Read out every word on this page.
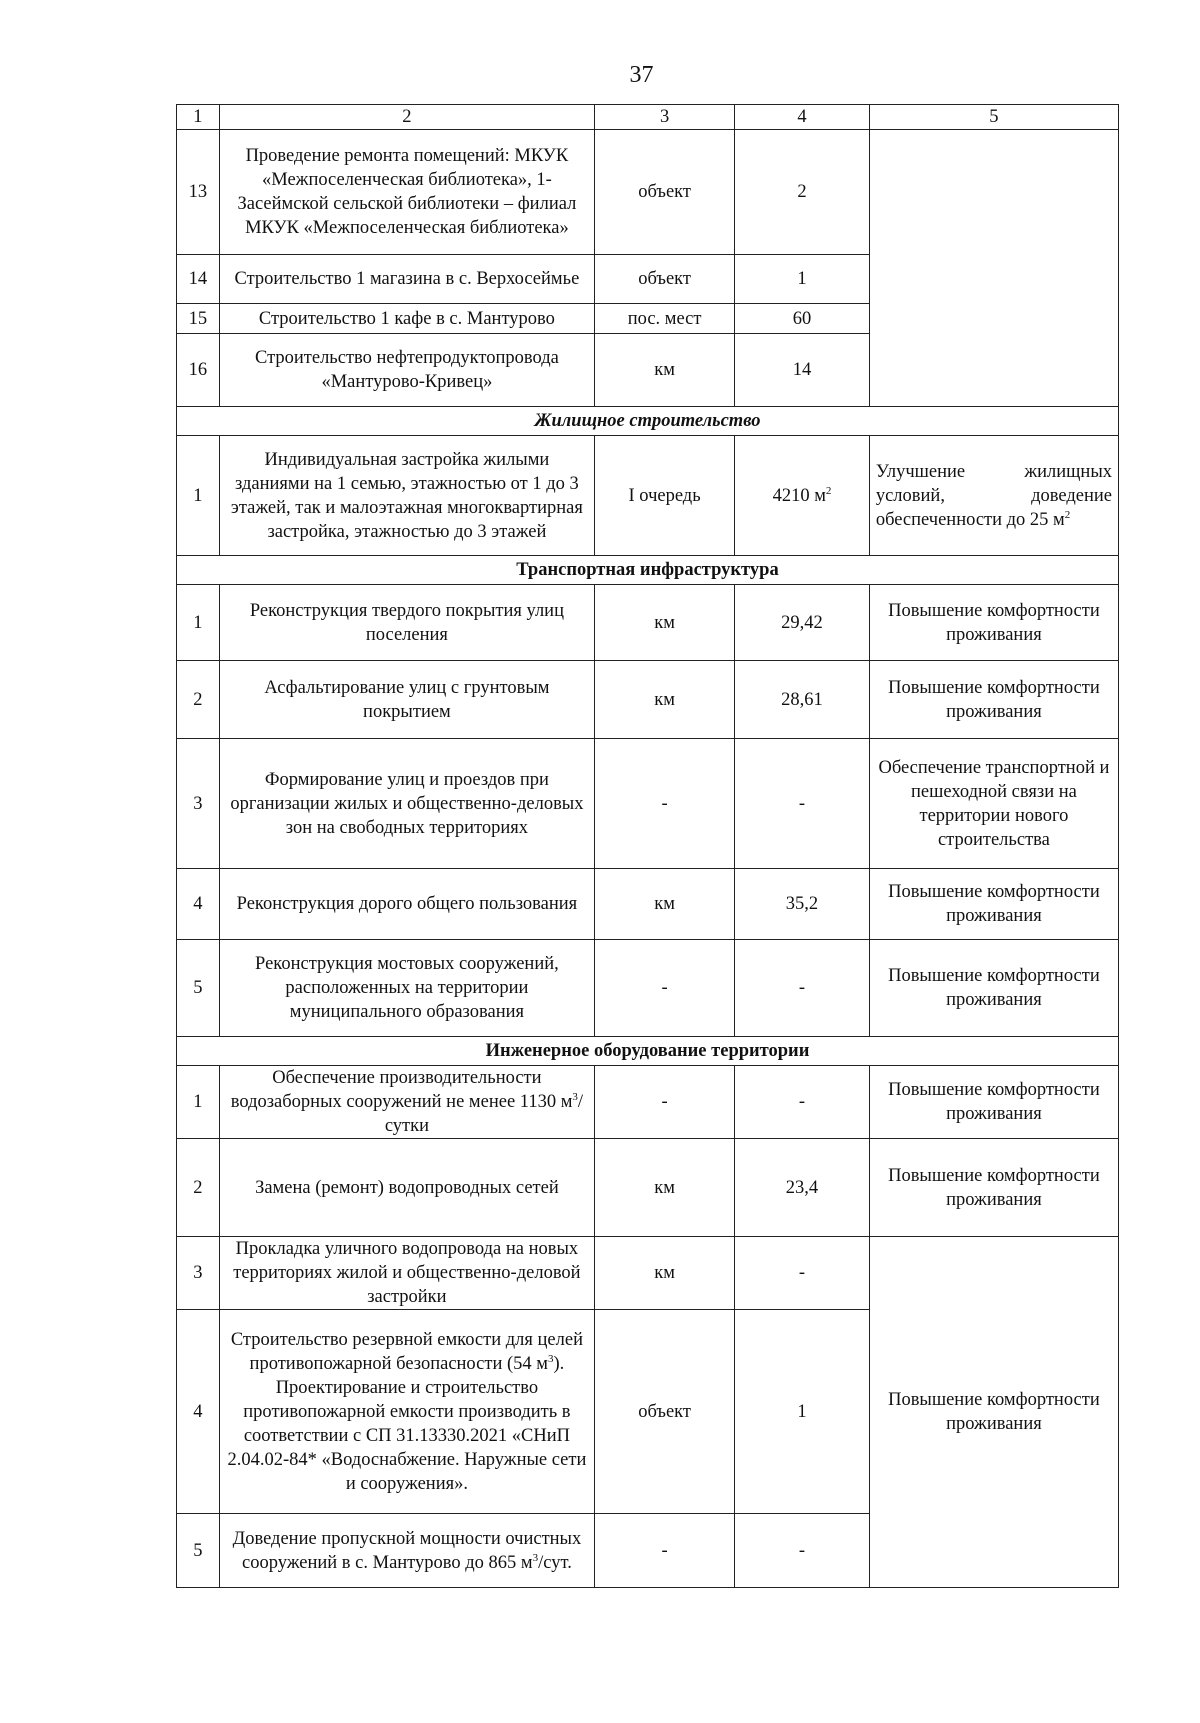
37
1	2	3	4	5
13	Проведение ремонта помещений: МКУК «Межпоселенческая библиотека», 1-Засеймской сельской библиотеки – филиал МКУК «Межпоселенческая библиотека»	объект	2	
14	Строительство 1 магазина в с. Верхосеймье	объект	1	
15	Строительство 1 кафе в с. Мантурово	пос. мест	60	
16	Строительство нефтепродуктопровода «Мантурово-Кривец»	км	14	
Жилищное строительство				
1	Индивидуальная застройка жилыми зданиями на 1 семью, этажностью от 1 до 3 этажей, так и малоэтажная многоквартирная застройка, этажностью до 3 этажей	I очередь	4210 $м^2$	Улучшение жилищных условий, доведение обеспеченности до 25 $м^2$
Транспортная инфраструктура				
1	Реконструкция твердого покрытия улиц поселения	км	29,42	Повышение комфортности проживания
2	Асфальтирование улиц с грунтовым покрытием	км	28,61	Повышение комфортности проживания
3	Формирование улиц и проездов при организации жилых и общественно-деловых зон на свободных территориях	-	-	Обеспечение транспортной и пешеходной связи на территории нового строительства
4	Реконструкция дорого общего пользования	км	35,2	Повышение комфортности проживания
5	Реконструкция мостовых сооружений, расположенных на территории муниципального образования	-	-	Повышение комфортности проживания
Инженерное оборудование территории				
1	Обеспечение производительности водозаборных сооружений не менее 1130 $м^3$/сутки	-	-	Повышение комфортности проживания
2	Замена (ремонт) водопроводных сетей	км	23,4	Повышение комфортности проживания
3	Прокладка уличного водопровода на новых территориях жилой и общественно-деловой застройки	км	-	Повышение комфортности проживания
4	Строительство резервной емкости для целей противопожарной безопасности (54 $м^3$). Проектирование и строительство противопожарной емкости производить в соответствии с СП 31.13330.2021 «СНиП 2.04.02-84* «Водоснабжение. Наружные сети и сооружения».	объект	1	
5	Доведение пропускной мощности очистных сооружений в с. Мантурово до 865 $м^3$/сут.	-	-	
